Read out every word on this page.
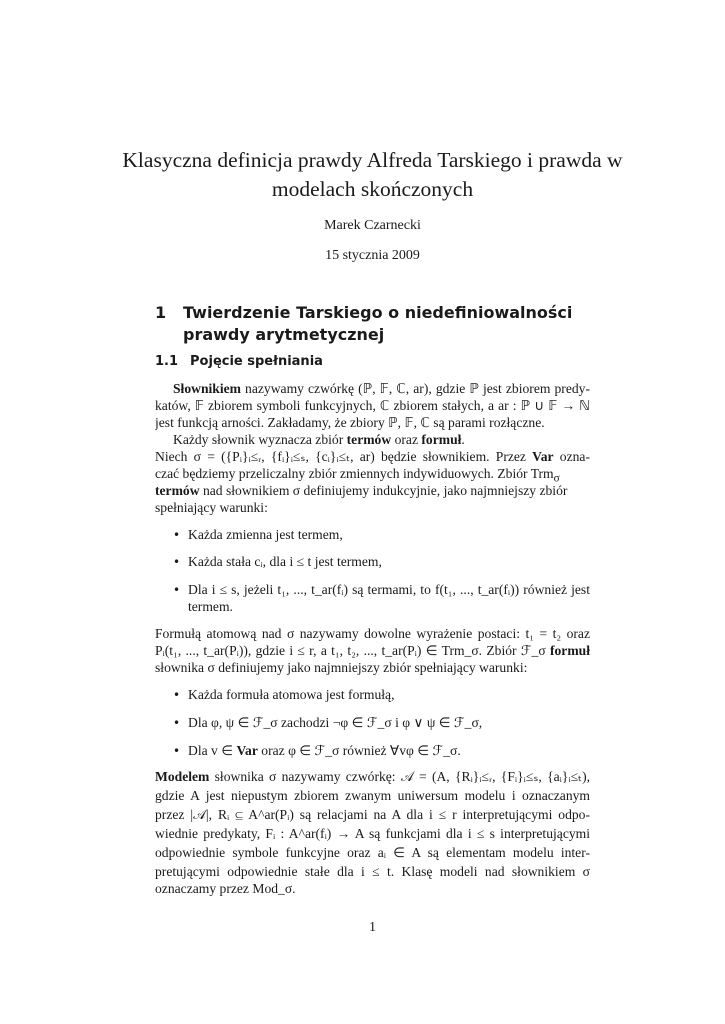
Klasyczna definicja prawdy Alfreda Tarskiego i prawda w modelach skończonych
Marek Czarnecki
15 stycznia 2009
1 Twierdzenie Tarskiego o niedefiniowalności prawdy arytmetycznej
1.1 Pojęcie spełniania
Słownikiem nazywamy czwórkę (ℙ, 𝔽, ℂ, ar), gdzie ℙ jest zbiorem predy-
katów, 𝔽 zbiorem symboli funkcyjnych, ℂ zbiorem stałych, a ar : ℙ ∪ 𝔽 → ℕ
jest funkcją arności. Zakładamy, że zbiory ℙ, 𝔽, ℂ są parami rozłączne.
Każdy słownik wyznacza zbiór termów oraz formuł.
Niech σ = ({Pᵢ}ᵢ≤ᵣ, {fᵢ}ᵢ≤ₛ, {cᵢ}ᵢ≤ₜ, ar) będzie słownikiem. Przez Var ozna-
czać będziemy przeliczalny zbiór zmiennych indywiduowych. Zbiór Trm$_\sigma$
termów nad słownikiem σ definiujemy indukcyjnie, jako najmniejszy zbiór
spełniający warunki:
• Każda zmienna jest termem,
• Każda stała cᵢ, dla i ≤ t jest termem,
• Dla i ≤ s, jeżeli t₁, ..., t_ar(fᵢ) są termami, to f(t₁, ..., t_ar(fᵢ)) również jest
termem.
Formułą atomową nad σ nazywamy dowolne wyrażenie postaci: t₁ = t₂ oraz
Pᵢ(t₁, ..., t_ar(Pᵢ)), gdzie i ≤ r, a t₁, t₂, ..., t_ar(Pᵢ) ∈ Trm_σ. Zbiór ℱ_σ formuł
słownika σ definiujemy jako najmniejszy zbiór spełniający warunki:
• Każda formuła atomowa jest formułą,
• Dla φ, ψ ∈ ℱ_σ zachodzi ¬φ ∈ ℱ_σ i φ ∨ ψ ∈ ℱ_σ,
• Dla v ∈ Var oraz φ ∈ ℱ_σ również ∀vφ ∈ ℱ_σ.
Modelem słownika σ nazywamy czwórkę: 𝒜 = (A, {Rᵢ}ᵢ≤ᵣ, {Fᵢ}ᵢ≤ₛ, {aᵢ}ᵢ≤ₜ),
gdzie A jest niepustym zbiorem zwanym uniwersum modelu i oznaczanym
przez |𝒜|, Rᵢ ⊆ A^ar(Pᵢ) są relacjami na A dla i ≤ r interpretującymi odpo-
wiednie predykaty, Fᵢ : A^ar(fᵢ) → A są funkcjami dla i ≤ s interpretującymi
odpowiednie symbole funkcyjne oraz aᵢ ∈ A są elementam modelu inter-
pretującymi odpowiednie stałe dla i ≤ t. Klasę modeli nad słownikiem σ
oznaczamy przez Mod_σ.
1
